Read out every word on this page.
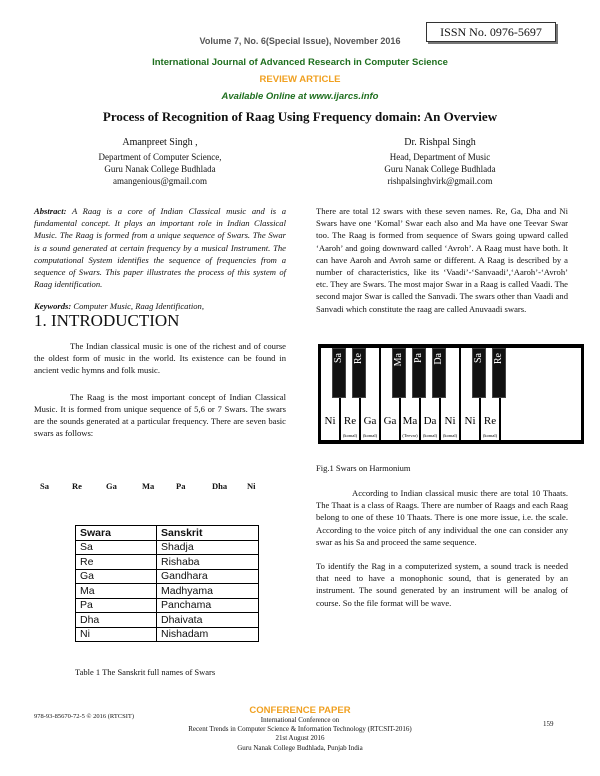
ISSN No. 0976-5697
Volume 7, No. 6(Special Issue), November 2016
International Journal of Advanced Research in Computer Science
REVIEW ARTICLE
Available Online at www.ijarcs.info
Process of Recognition of Raag Using Frequency domain: An Overview
Amanpreet Singh ,
Department of Computer Science,
Guru Nanak College Budhlada
amangenious@gmail.com
Dr. Rishpal Singh
Head, Department of Music
Guru Nanak College Budhlada
rishpalsinghvirk@gmail.com

Abstract: A Raag is a core of Indian Classical music and is a fundamental concept. It plays an important role in Indian Classical Music. The Raag is formed from a unique sequence of Swars. The Swar is a sound generated at certain frequency by a musical Instrument. The computational System identifies the sequence of frequencies from a sequence of Swars. This paper illustrates the process of this system of Raag identification.

Keywords: Computer Music, Raag Identification,

1. INTRODUCTION

The Indian classical music is one of the richest and of course the oldest form of music in the world. Its existence can be found in ancient vedic hymns and folk music.

The Raag is the most important concept of Indian Classical Music. It is formed from unique sequence of 5,6 or 7 Swars. The swars are the sounds generated at a particular frequency. There are seven basic swars as follows:

Sa	Re	Ga	Ma	Pa	Dha Ni
Swara	Sanskrit
Sa	Shadja
Re	Rishaba
Ga	Gandhara
Ma	Madhyama
Pa	Panchama
Dha	Dhaivata
Ni	Nishadam
Table 1 The Sanskrit full names of Swars

There are total 12 swars with these seven names. Re, Ga, Dha and Ni Swars have one ‘Komal’ Swar each also and Ma have one Teevar Swar too. The Raag is formed from sequence of Swars going upward called ‘Aaroh’ and going downward called ‘Avroh’. A Raag must have both. It can have Aaroh and Avroh same or different. A Raag is described by a number of characteristics, like its ‘Vaadi’-‘Sanvaadi’,‘Aaroh’-‘Avroh’ etc. They are Swars. The most major Swar in a Raag is called Vaadi. The second major Swar is called the Sanvadi. The swars other than Vaadi and Sanvadi which constitute the raag are called Anuvaadi swars.

Ni Re
(komal)
Ga
(komal)
Ga Ma
(Teevar)
Da
(komal)
Ni
(komal)
Ni Re
(komal)
Sa Re	Ma Pa Da	Sa Re
Fig.1 Swars on Harmonium

According to Indian classical music there are total 10 Thaats. The Thaat is a class of Raags. There are number of Raags and each Raag belong to one of these 10 Thaats. There is one more issue, i.e. the scale. According to the voice pitch of any individual the one can consider any swar as his Sa and proceed the same sequence.

To identify the Rag in a computerized system, a sound track is needed that need to have a monophonic sound, that is generated by an instrument. The sound generated by an instrument will be analog of course. So the file format will be wave.

978-93-85670-72-5 © 2016 (RTCSIT)
CONFERENCE PAPER
International Conference on
Recent Trends in Computer Science & Information Technology (RTCSIT-2016)
21st August 2016
Guru Nanak College Budhlada, Punjab India
159
